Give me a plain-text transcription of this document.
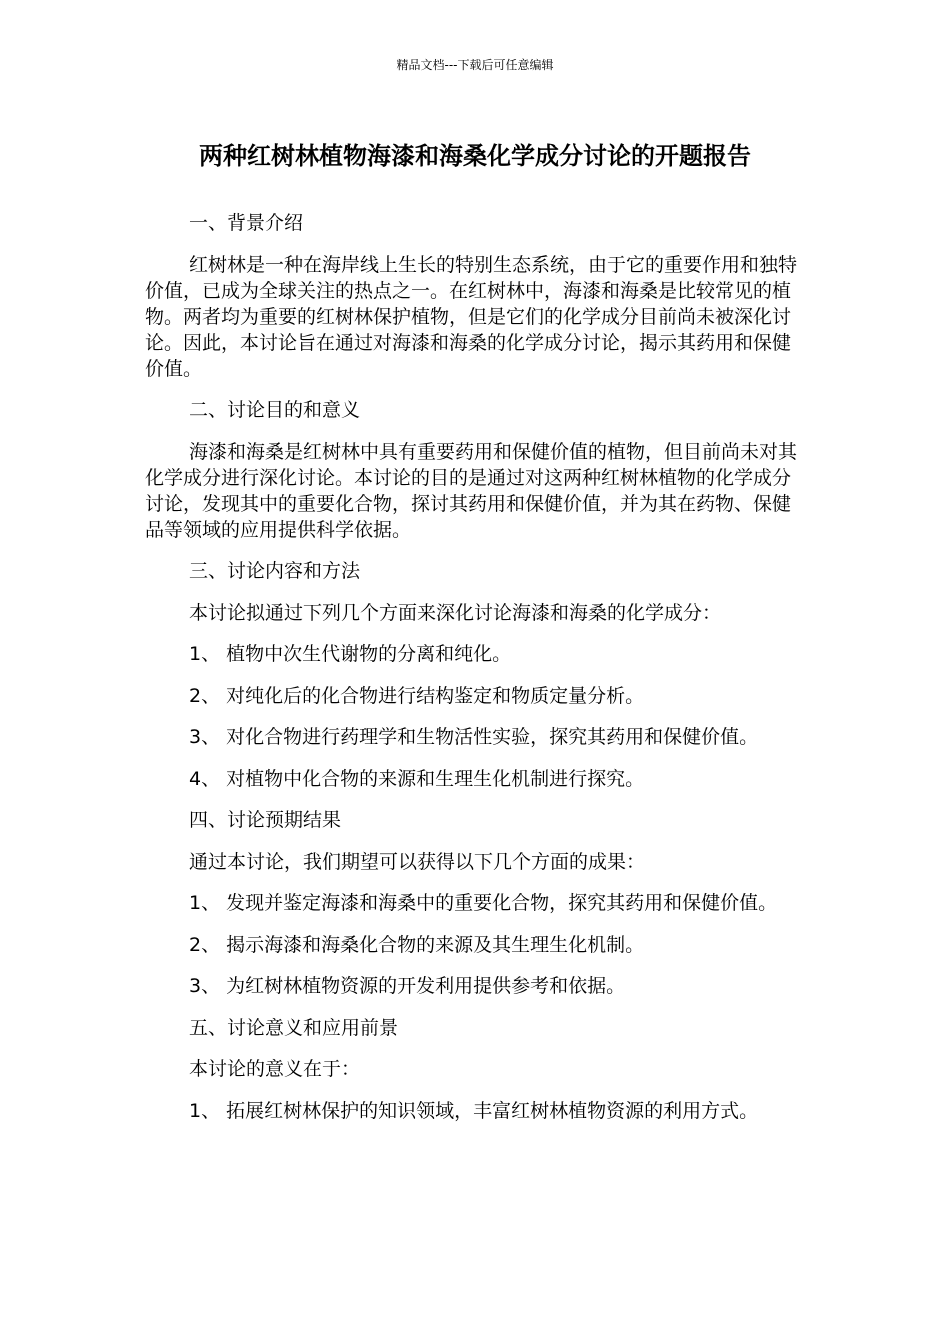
精品文档---下载后可任意编辑
两种红树林植物海漆和海桑化学成分讨论的开题报告

一、背景介绍

红树林是一种在海岸线上生长的特别生态系统，由于它的重要作用和独特价值，已成为全球关注的热点之一。在红树林中，海漆和海桑是比较常见的植物。两者均为重要的红树林保护植物，但是它们的化学成分目前尚未被深化讨论。因此，本讨论旨在通过对海漆和海桑的化学成分讨论，揭示其药用和保健价值。

二、讨论目的和意义

海漆和海桑是红树林中具有重要药用和保健价值的植物，但目前尚未对其化学成分进行深化讨论。本讨论的目的是通过对这两种红树林植物的化学成分讨论，发现其中的重要化合物，探讨其药用和保健价值，并为其在药物、保健品等领域的应用提供科学依据。

三、讨论内容和方法

本讨论拟通过下列几个方面来深化讨论海漆和海桑的化学成分：

1、 植物中次生代谢物的分离和纯化。

2、 对纯化后的化合物进行结构鉴定和物质定量分析。

3、 对化合物进行药理学和生物活性实验，探究其药用和保健价值。

4、 对植物中化合物的来源和生理生化机制进行探究。

四、讨论预期结果

通过本讨论，我们期望可以获得以下几个方面的成果：

1、 发现并鉴定海漆和海桑中的重要化合物，探究其药用和保健价值。

2、 揭示海漆和海桑化合物的来源及其生理生化机制。

3、 为红树林植物资源的开发利用提供参考和依据。

五、讨论意义和应用前景

本讨论的意义在于：

1、 拓展红树林保护的知识领域，丰富红树林植物资源的利用方式。
